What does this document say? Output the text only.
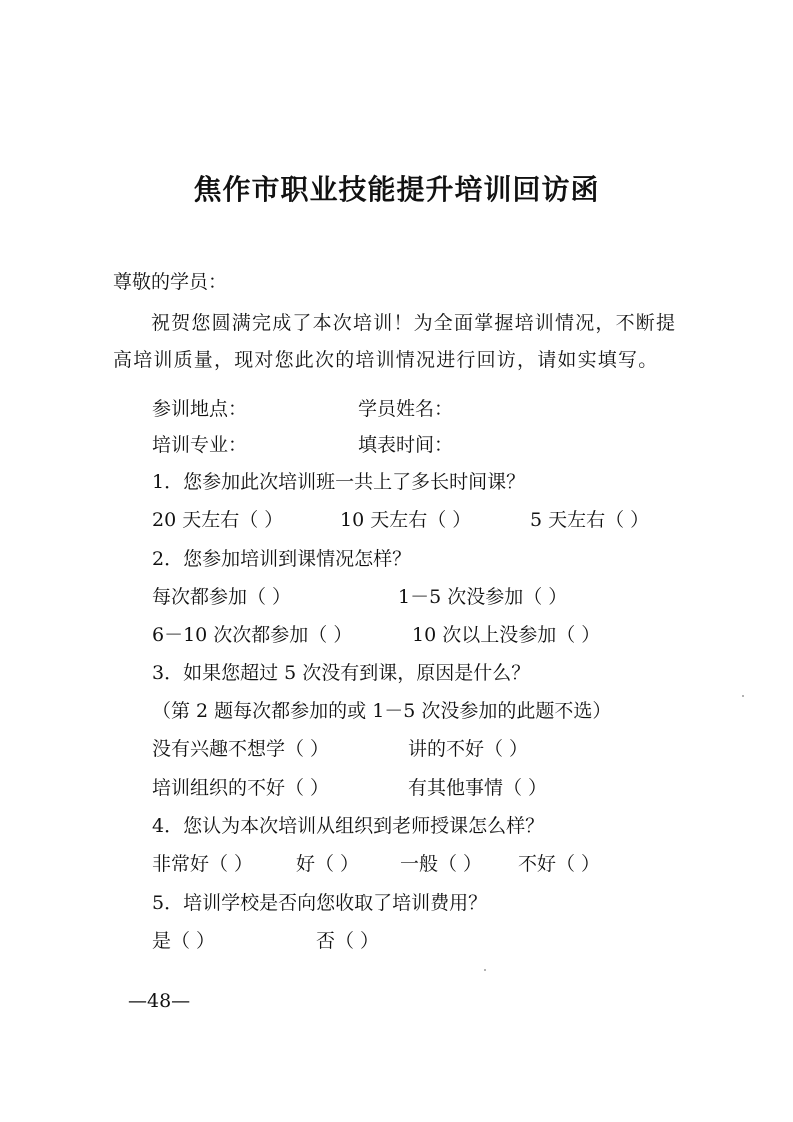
焦作市职业技能提升培训回访函
尊敬的学员：
祝贺您圆满完成了本次培训！为全面掌握培训情况，不断提高培训质量，现对您此次的培训情况进行回访，请如实填写。
参训地点：	学员姓名：
培训专业：	填表时间：
1．您参加此次培训班一共上了多长时间课？
20 天左右（ ）	10 天左右（ ）	5 天左右（ ）
2．您参加培训到课情况怎样？
每次都参加（ ）	1－5 次没参加（ ）
6－10 次次都参加（ ）	10 次以上没参加（ ）
3．如果您超过 5 次没有到课，原因是什么？
（第 2 题每次都参加的或 1－5 次没参加的此题不选）
没有兴趣不想学（ ）	讲的不好（ ）
培训组织的不好（ ）	有其他事情（ ）
4．您认为本次培训从组织到老师授课怎么样？
非常好（ ） 好（ ） 一般（ ） 不好（ ）
5．培训学校是否向您收取了培训费用？
是（ ）	否（ ）
—48—
